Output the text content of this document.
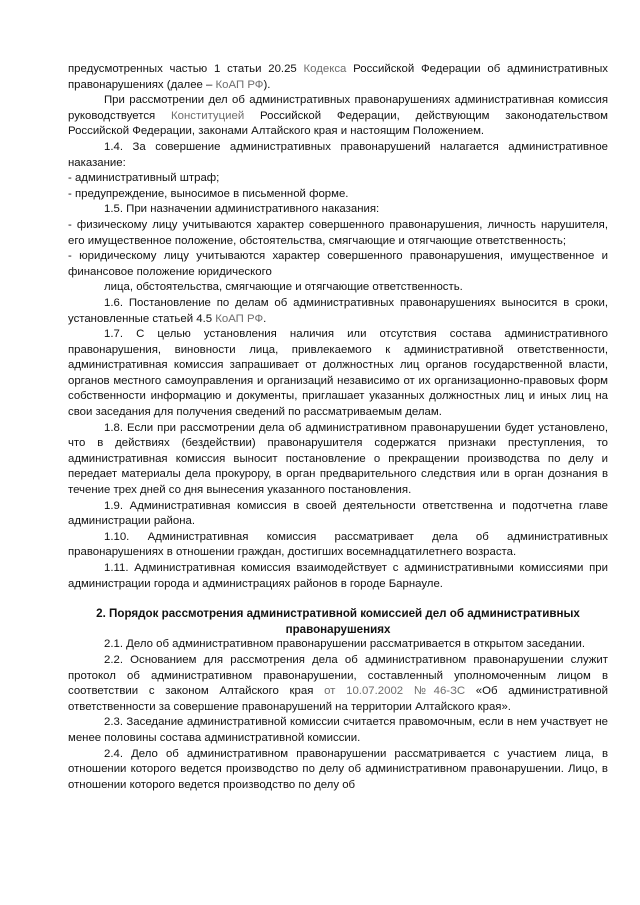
предусмотренных частью 1 статьи 20.25 Кодекса Российской Федерации об административных правонарушениях (далее – КоАП РФ).

При рассмотрении дел об административных правонарушениях административная комиссия руководствуется Конституцией Российской Федерации, действующим законодательством Российской Федерации, законами Алтайского края и настоящим Положением.

1.4. За совершение административных правонарушений налагается административное наказание:

- административный штраф;

- предупреждение, выносимое в письменной форме.

1.5. При назначении административного наказания:

- физическому лицу учитываются характер совершенного правонарушения, личность нарушителя, его имущественное положение, обстоятельства, смягчающие и отягчающие ответственность;

- юридическому лицу учитываются характер совершенного правонарушения, имущественное и финансовое положение юридического

лица, обстоятельства, смягчающие и отягчающие ответственность.

1.6. Постановление по делам об административных правонарушениях выносится в сроки, установленные статьей 4.5 КоАП РФ.

1.7. С целью установления наличия или отсутствия состава административного правонарушения, виновности лица, привлекаемого к административной ответственности, административная комиссия запрашивает от должностных лиц органов государственной власти, органов местного самоуправления и организаций независимо от их организационно-правовых форм собственности информацию и документы, приглашает указанных должностных лиц и иных лиц на свои заседания для получения сведений по рассматриваемым делам.

1.8. Если при рассмотрении дела об административном правонарушении будет установлено, что в действиях (бездействии) правонарушителя содержатся признаки преступления, то административная комиссия выносит постановление о прекращении производства по делу и передает материалы дела прокурору, в орган предварительного следствия или в орган дознания в течение трех дней со дня вынесения указанного постановления.

1.9. Административная комиссия в своей деятельности ответственна и подотчетна главе администрации района.

1.10. Административная комиссия рассматривает дела об административных правонарушениях в отношении граждан, достигших восемнадцатилетнего возраста.

1.11. Административная комиссия взаимодействует с административными комиссиями при администрации города и администрациях районов в городе Барнауле.

2. Порядок рассмотрения административной комиссией дел об административных правонарушениях

2.1. Дело об административном правонарушении рассматривается в открытом заседании.

2.2. Основанием для рассмотрения дела об административном правонарушении служит протокол об административном правонарушении, составленный уполномоченным лицом в соответствии с законом Алтайского края от 10.07.2002 №46-ЗС «Об административной ответственности за совершение правонарушений на территории Алтайского края».

2.3. Заседание административной комиссии считается правомочным, если в нем участвует не менее половины состава административной комиссии.

2.4. Дело об административном правонарушении рассматривается с участием лица, в отношении которого ведется производство по делу об административном правонарушении. Лицо, в отношении которого ведется производство по делу об
